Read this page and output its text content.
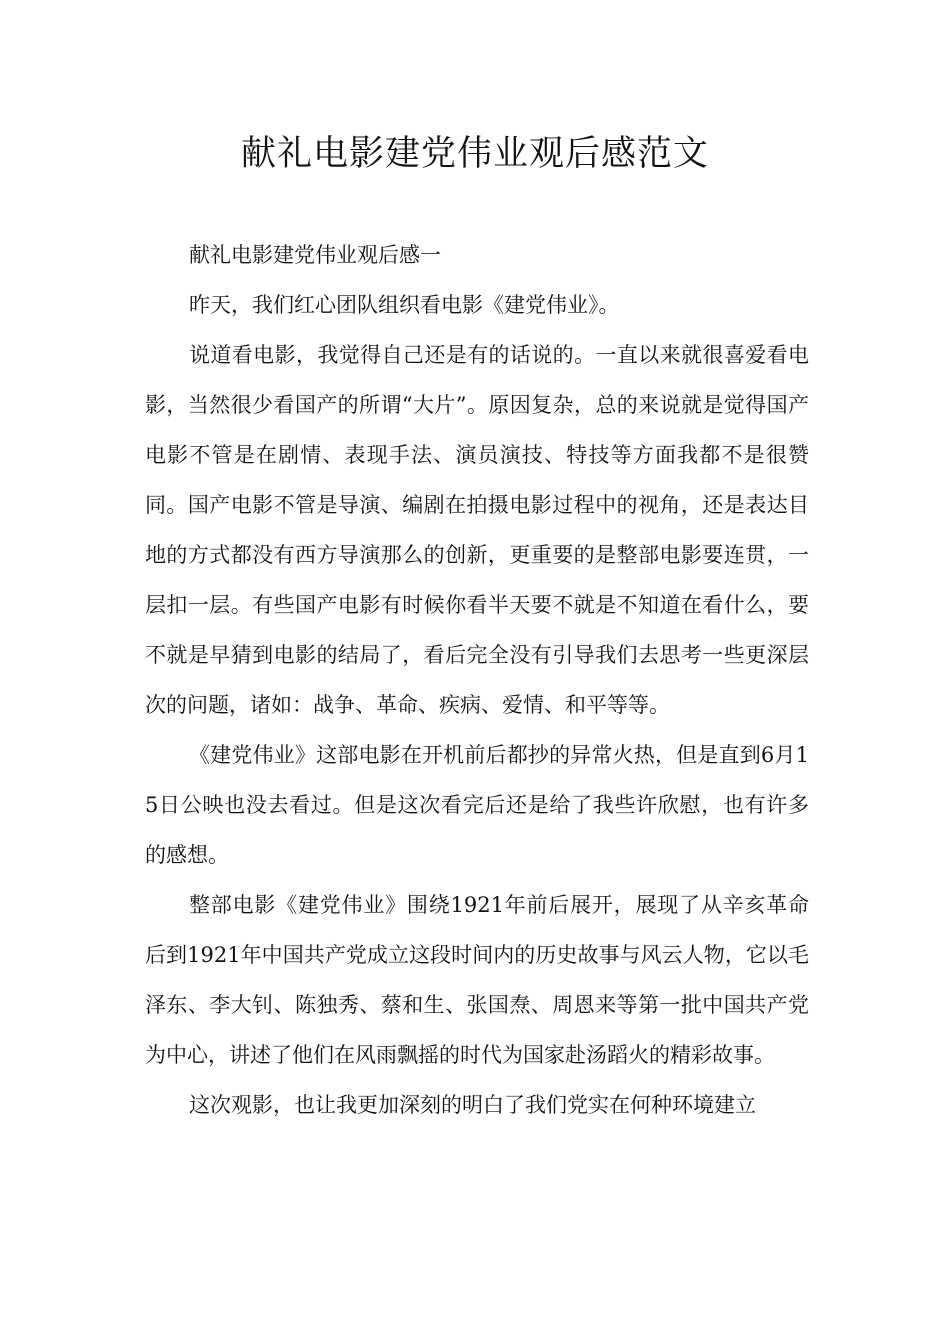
献礼电影建党伟业观后感范文

献礼电影建党伟业观后感一

昨天，我们红心团队组织看电影《建党伟业》。

说道看电影，我觉得自己还是有的话说的。一直以来就很喜爱看电影，当然很少看国产的所谓“大片”。原因复杂，总的来说就是觉得国产电影不管是在剧情、表现手法、演员演技、特技等方面我都不是很赞同。国产电影不管是导演、编剧在拍摄电影过程中的视角，还是表达目地的方式都没有西方导演那么的创新，更重要的是整部电影要连贯，一层扣一层。有些国产电影有时候你看半天要不就是不知道在看什么，要不就是早猜到电影的结局了，看后完全没有引导我们去思考一些更深层次的问题，诸如：战争、革命、疾病、爱情、和平等等。

《建党伟业》这部电影在开机前后都抄的异常火热，但是直到6月15日公映也没去看过。但是这次看完后还是给了我些许欣慰，也有许多的感想。

整部电影《建党伟业》围绕1921年前后展开，展现了从辛亥革命后到1921年中国共产党成立这段时间内的历史故事与风云人物，它以毛泽东、李大钊、陈独秀、蔡和生、张国焘、周恩来等第一批中国共产党为中心，讲述了他们在风雨飘摇的时代为国家赴汤蹈火的精彩故事。

这次观影，也让我更加深刻的明白了我们党实在何种环境建立
